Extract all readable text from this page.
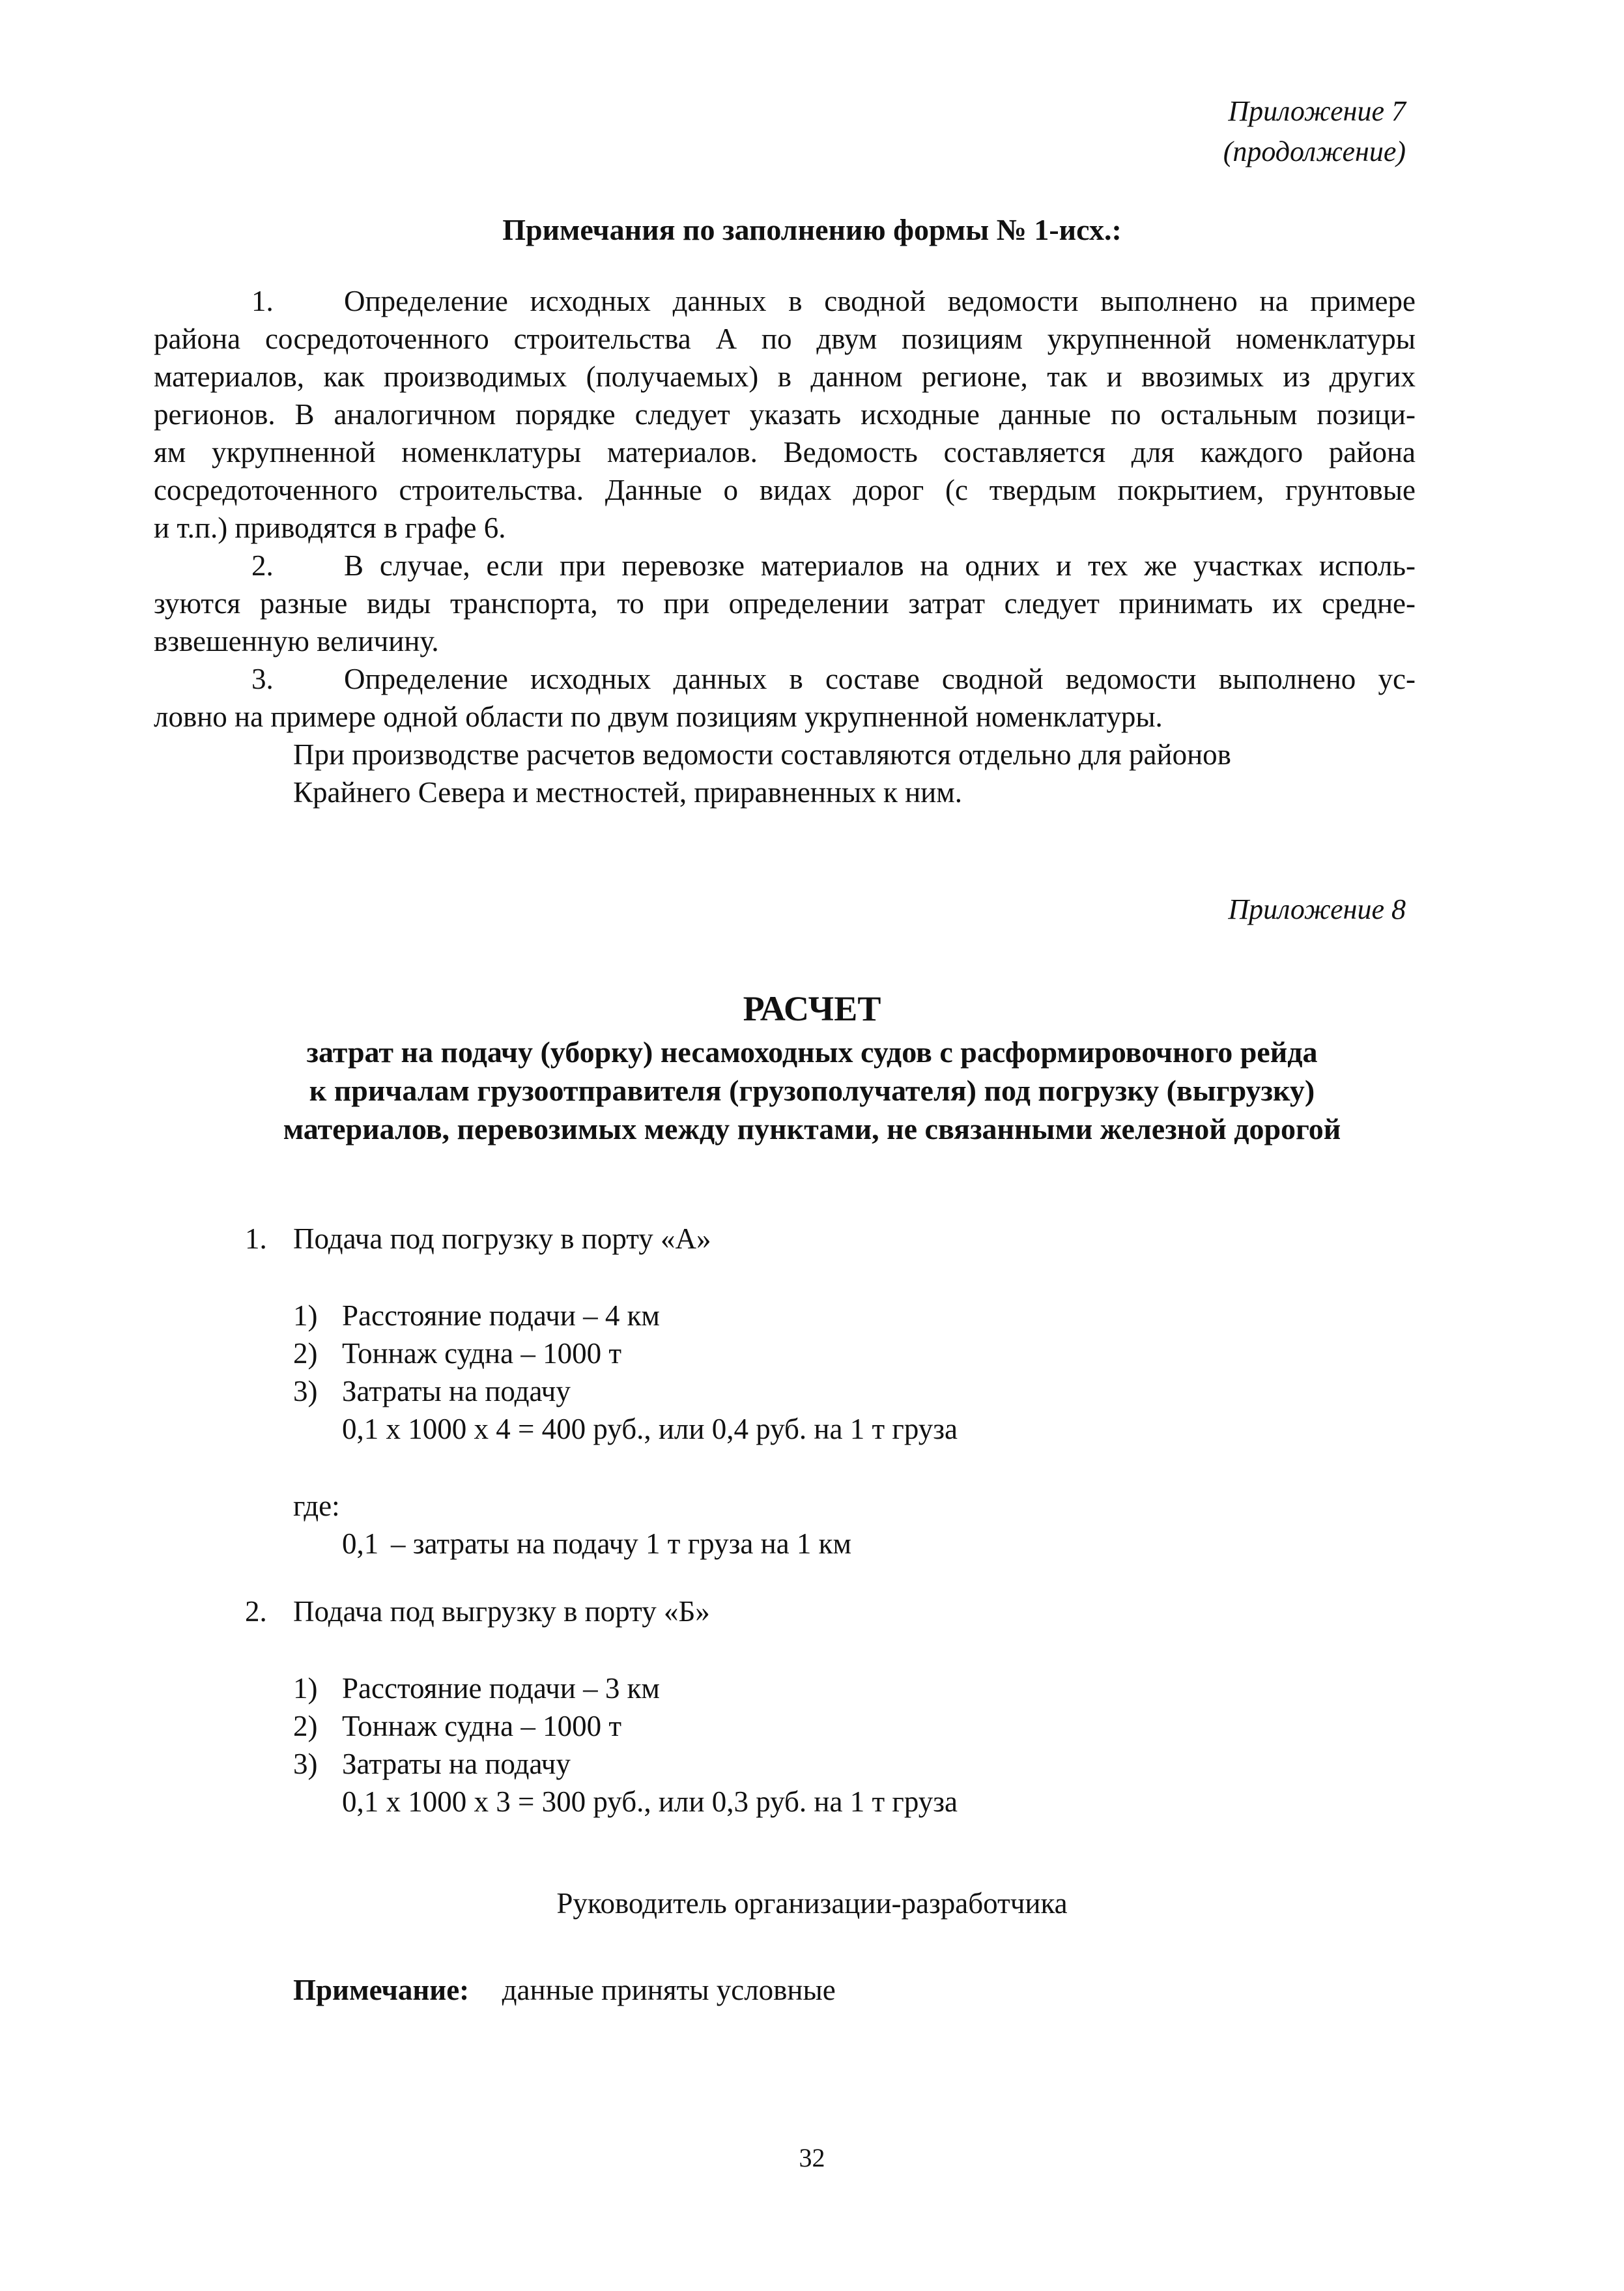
Приложение 7
(продолжение)
Примечания по заполнению формы № 1-исх.:
1. Определение исходных данных в сводной ведомости выполнено на примере
района сосредоточенного строительства А по двум позициям укрупненной номенклатуры
материалов, как производимых (получаемых) в данном регионе, так и ввозимых из других
регионов. В аналогичном порядке следует указать исходные данные по остальным позици-
ям укрупненной номенклатуры материалов. Ведомость составляется для каждого района
сосредоточенного строительства. Данные о видах дорог (с твердым покрытием, грунтовые
и т.п.) приводятся в графе 6.
2. В случае, если при перевозке материалов на одних и тех же участках исполь-
зуются разные виды транспорта, то при определении затрат следует принимать их средне-
взвешенную величину.
3. Определение исходных данных в составе сводной ведомости выполнено ус-
ловно на примере одной области по двум позициям укрупненной номенклатуры.
При производстве расчетов ведомости составляются отдельно для районов
Крайнего Севера и местностей, приравненных к ним.
Приложение 8
РАСЧЕТ
затрат на подачу (уборку) несамоходных судов с расформировочного рейда
к причалам грузоотправителя (грузополучателя) под погрузку (выгрузку)
материалов, перевозимых между пунктами, не связанными железной дорогой
1. Подача под погрузку в порту «А»
1) Расстояние подачи – 4 км
2) Тоннаж судна – 1000 т
3) Затраты на подачу
0,1 х 1000 х 4 = 400 руб., или 0,4 руб. на 1 т груза
где:
0,1 – затраты на подачу 1 т груза на 1 км
2. Подача под выгрузку в порту «Б»
1) Расстояние подачи – 3 км
2) Тоннаж судна – 1000 т
3) Затраты на подачу
0,1 х 1000 х 3 = 300 руб., или 0,3 руб. на 1 т груза
Руководитель организации-разработчика
Примечание: данные приняты условные
32
